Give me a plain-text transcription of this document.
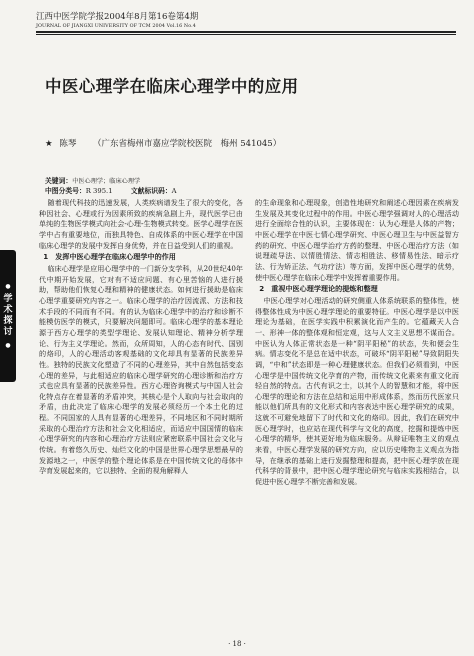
江西中医学院学报2004年8月第16卷第4期
JOURNAL OF JIANGXI UNIVERSITY OF TCM 2004 Vol.16 No.4
中医心理学在临床心理学中的应用
★ 陈琴 （广东省梅州市嘉应学院校医院　梅州 541045）
关键词：中医心理学；临床心理学
中图分类号：R 395.1	文献标识码：A
●
学
术
探
讨
●

随着现代科技的迅速发展，人类疾病谱发生了很大的变化，各种因社会、心理或行为因素所致的疾病急剧上升，现代医学已由单纯的生物医学模式向社会-心理-生物模式转变。医学心理学在医学中占有重要地位，而独具特色、自成体系的中医心理学在中国临床心理学的发展中发挥自身优势，并在日益受到人们的重视。

1　发挥中医心理学在临床心理学中的作用

临床心理学是应用心理学中的一门新分支学科，从20世纪40年代中期开始发展，它对有不适应问题、有心里苦恼的人进行援助，帮助他们恢复心理和精神的健康状态。如何进行援助是临床心理学重要研究内容之一。临床心理学的治疗因流派、方法和技术手段的不同而有不同。有的认为临床心理学中的治疗和诊断不能模仿医学的模式，只要解决问题即可。临床心理学的基本理论源于西方心理学的类型学理论、发展认知理论、精神分析学理论、行为主义学理论。然而，众所周知，人的心态有时代、国别的烙印，人的心理活动客观基础的文化却具有显著的民族差异性。独特的民族文化塑造了不同的心理差异，其中自然包括变态心理的差异，与此相适应的临床心理学研究的心理诊断和治疗方式也应具有显著的民族差异性。西方心理咨询模式与中国人社会化特点存在着显著的矛盾冲突，其核心是个人取向与社会取向的矛盾，由此决定了临床心理学的发展必须经历一个本土化的过程。不同国家的人具有显著的心理差异，不同地区和不同时期所采取的心理治疗方法和社会文化相适应，而适应中国国情的临床心理学研究的内容和心理治疗方法则应紧密联系中国社会文化与传统。有着悠久历史、灿烂文化的中国是世界心理学思想最早的发源地之一，中医学的整个理论体系是在中国传统文化的母体中孕育发展起来的，它以独特、全面的视角解释人

的生命现象和心理现象，创造性地研究和阐述心理因素在疾病发生发展及其变化过程中的作用。中医心理学强调对人的心理活动进行全面综合性的认识，主要体现在：认为心理是人体的产物；中医心理学在中医七情心理学研究、中医心理卫生与中医益智方药的研究、中医心理学治疗方药的整理、中医心理治疗方法（如说理疏导法、以情胜情法、情志相胜法、移情易性法、暗示疗法、行为矫正法、气功疗法）等方面，发挥中医心理学的优势，使中医心理学在临床心理学中发挥着重要作用。

2　重视中医心理学理论的提炼和整理

中医心理学对心理活动的研究侧重人体系统联系的整体性，使得整体性成为中医心理学理论的重要特征。中医心理学是以中医理论为基础，在医学实践中积累演化而产生的。它蕴藏天人合一、形神一体的整体观和恒定观，这与人文主义思想不谋而合。中医认为人体正常状态是一种“阴平阳秘”的状态，失和便会生病。情志变化不是总在适中状态，可破坏“阴平阳秘”导致阴阳失调，“中和”状态即是一种心理健康状态。但我们必须看到，中医心理学是中国传统文化孕育的产物，而传统文化素来有重文化而轻自然的特点。古代有识之士，以其个人的智慧和才能，将中医心理学的理论和方法在总结和运用中形成体系，然而历代医家只能以他们所具有的文化形式和内容表达中医心理学研究的成果，这就不可避免地留下了时代和文化的烙印。因此，我们在研究中医心理学时，也应站在现代科学与文化的高度，挖掘和提炼中医心理学的精华，使其更好地为临床服务。从辩证唯物主义的观点来看，中医心理学发展的研究方向，应以历史唯物主义观点为指导，在继承的基础上进行发掘整理和提高，把中医心理学放在现代科学的背景中，把中医心理学理论研究与临床实践相结合，以促进中医心理学不断完善和发展。

· 18 ·
